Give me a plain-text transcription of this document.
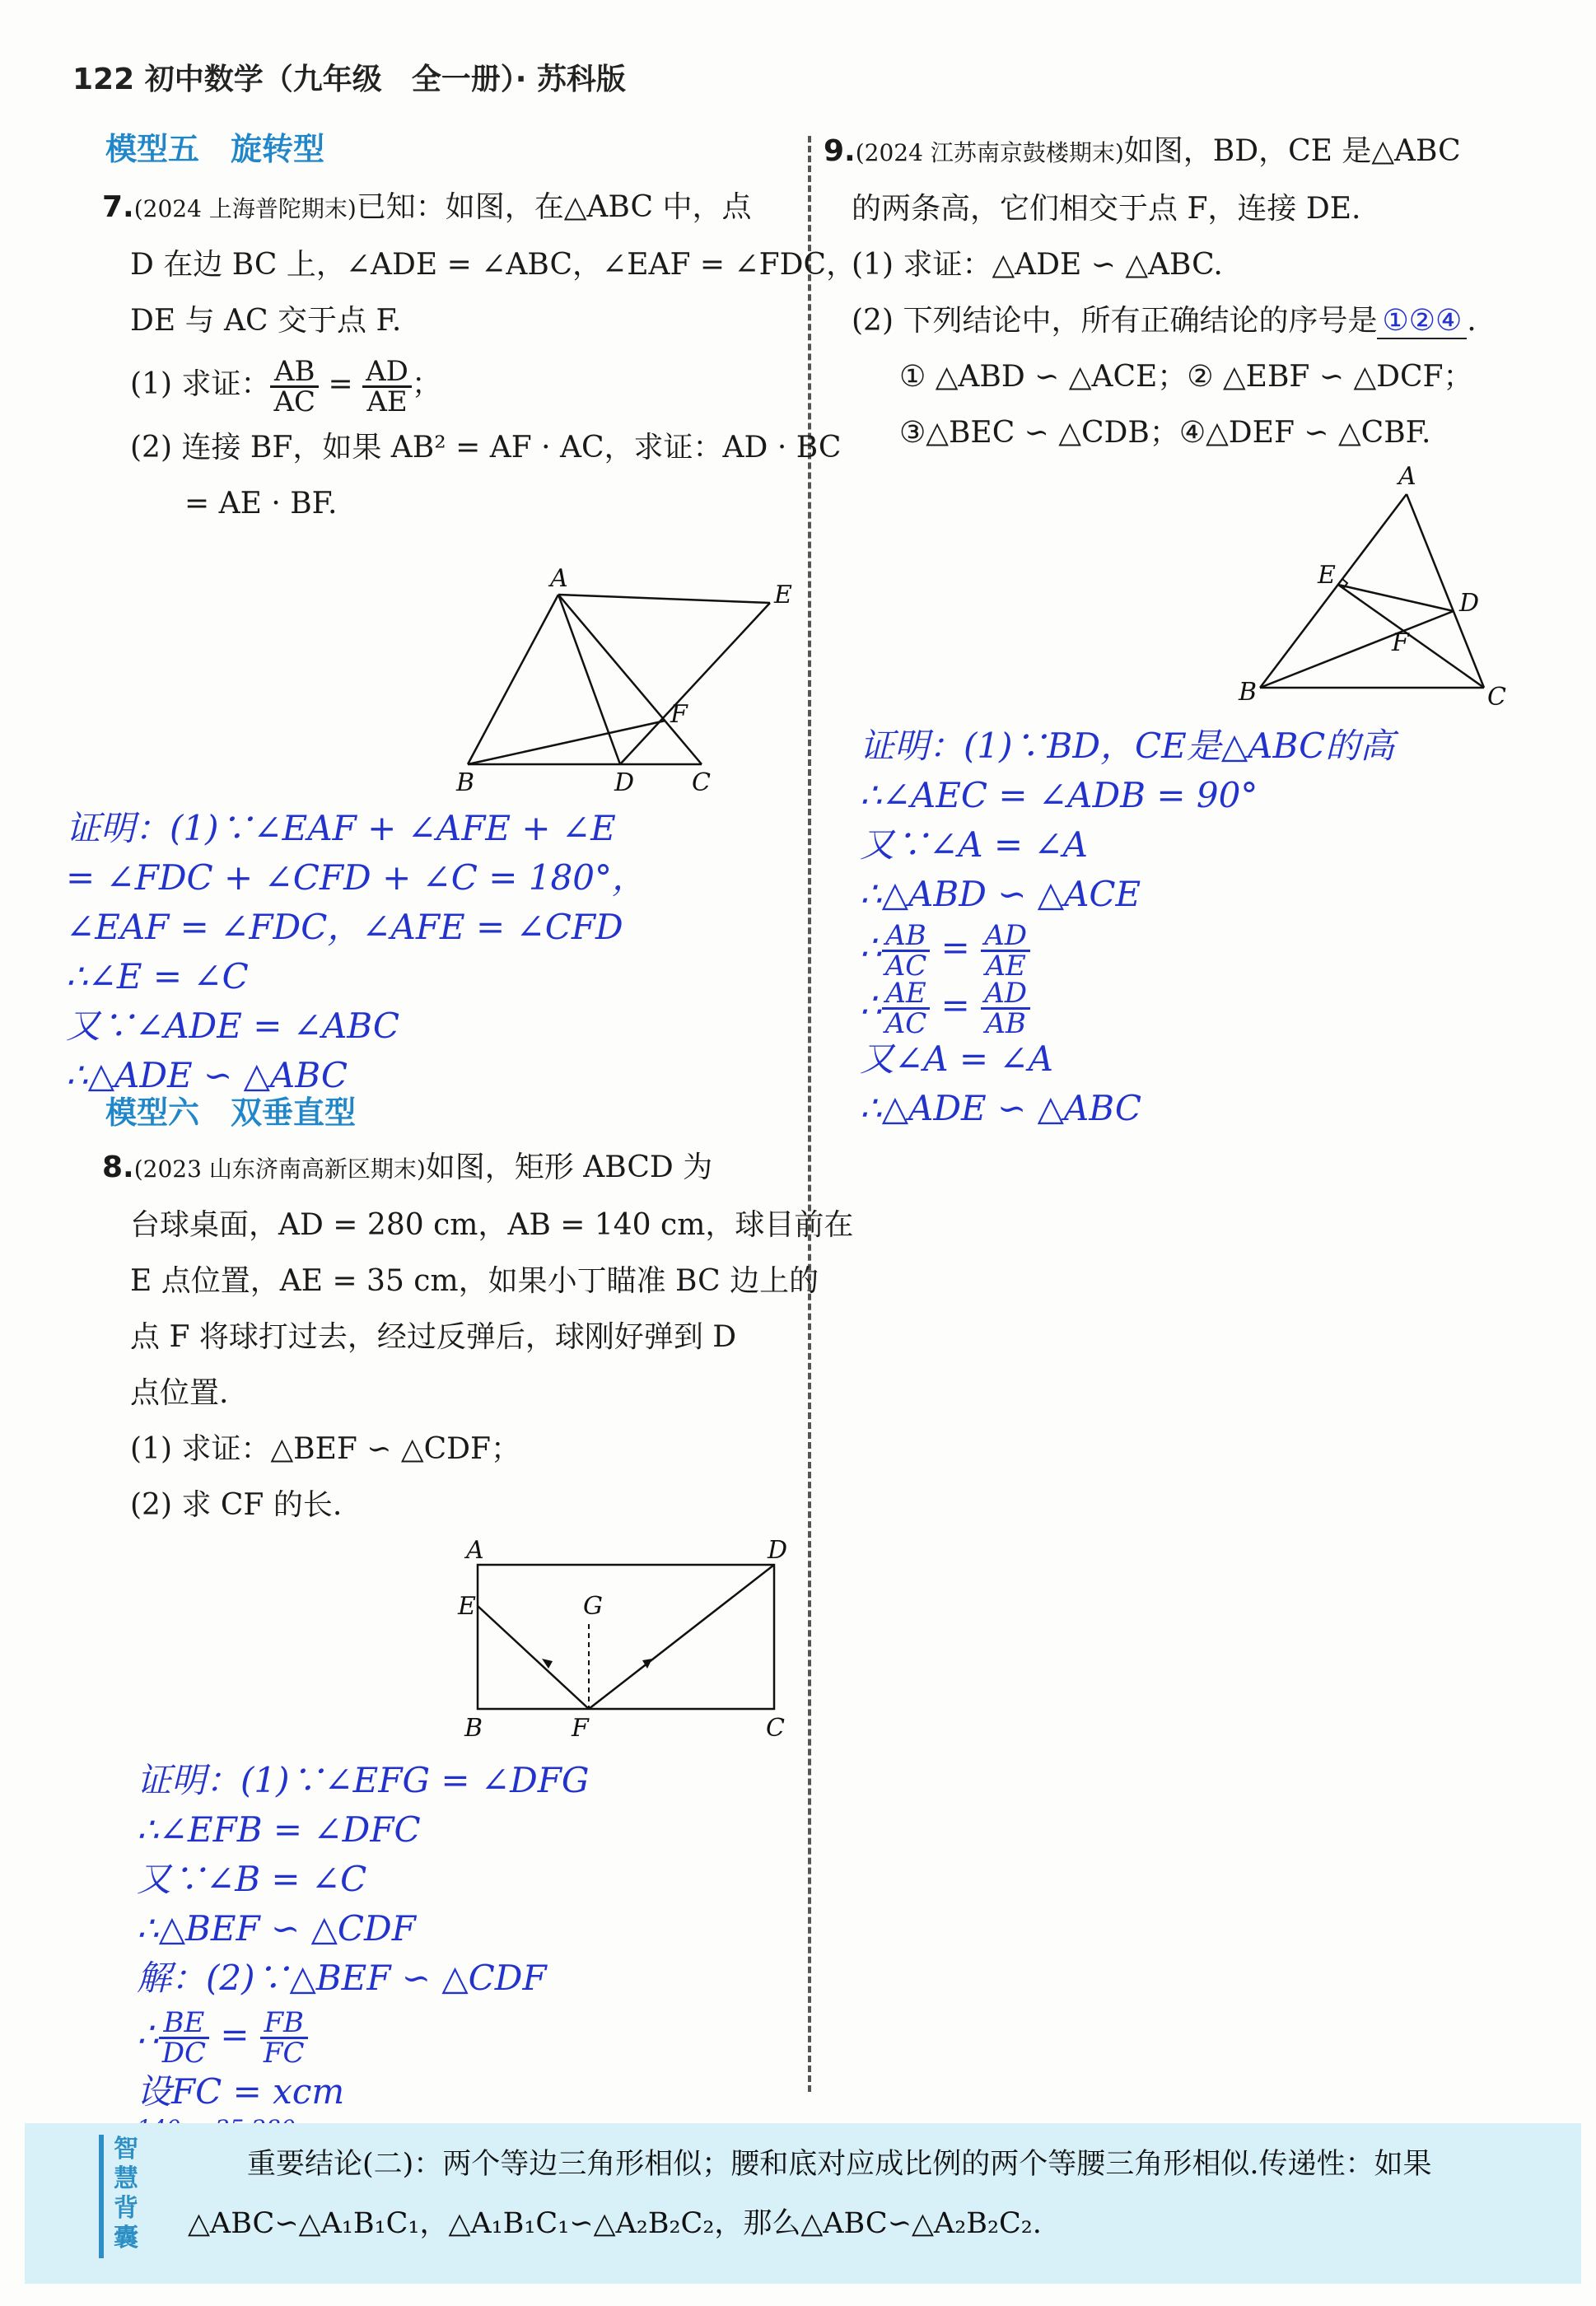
122 初中数学（九年级　全一册）· 苏科版
模型五　旋转型
7.(2024 上海普陀期末)已知：如图，在△ABC 中，点
D 在边 BC 上，∠ADE = ∠ABC，∠EAF = ∠FDC，
DE 与 AC 交于点 F.
(1) 求证： $\frac{AB}{AC} = \frac{AD}{AE}$ ；
(2) 连接 BF，如果 AB² = AF · AC，求证：AD · BC
= AE · BF.
A
E
F
B	D C
证明：(1)∵∠EAF + ∠AFE + ∠E
= ∠FDC + ∠CFD + ∠C = 180°，
∠EAF = ∠FDC，∠AFE = ∠CFD
∴∠E = ∠C
又∵∠ADE = ∠ABC
∴△ADE ∽ △ABC
模型六　双垂直型
8.(2023 山东济南高新区期末)如图，矩形 ABCD 为
台球桌面，AD = 280 cm，AB = 140 cm，球目前在
E 点位置，AE = 35 cm，如果小丁瞄准 BC 边上的
点 F 将球打过去，经过反弹后，球刚好弹到 D
点位置.
(1) 求证：△BEF ∽ △CDF；
(2) 求 CF 的长.
A	D
E	G
B	F	C
证明：(1)∵∠EFG = ∠DFG
∴∠EFB = ∠DFC
又∵∠B = ∠C
∴△BEF ∽ △CDF
解：(2)∵△BEF ∽ △CDF
∴ $\frac{BE}{DC} = \frac{FB}{FC}$
设FC = xcm
9.(2024 江苏南京鼓楼期末)如图，BD，CE 是△ABC
的两条高，它们相交于点 F，连接 DE.
(1) 求证：△ADE ∽ △ABC.
(2) 下列结论中，所有正确结论的序号是 ①②④ .
① △ABD ∽ △ACE；② △EBF ∽ △DCF；
③△BEC ∽ △CDB；④△DEF ∽ △CBF.
A
E
D
F
B	C
证明：(1)∵BD，CE是△ABC的高
∴∠AEC = ∠ADB = 90°
又∵∠A = ∠A
∴△ABD ∽ △ACE
∴ $\frac{AB}{AC} = \frac{AD}{AE}$
∴ $\frac{AE}{AC} = \frac{AD}{AB}$
又∠A = ∠A
∴△ADE ∽ △ABC
智慧背囊
重要结论(二)：两个等边三角形相似；腰和底对应成比例的两个等腰三角形相似.传递性：如果
△ABC∽△A₁B₁C₁，△A₁B₁C₁∽△A₂B₂C₂，那么△ABC∽△A₂B₂C₂.
